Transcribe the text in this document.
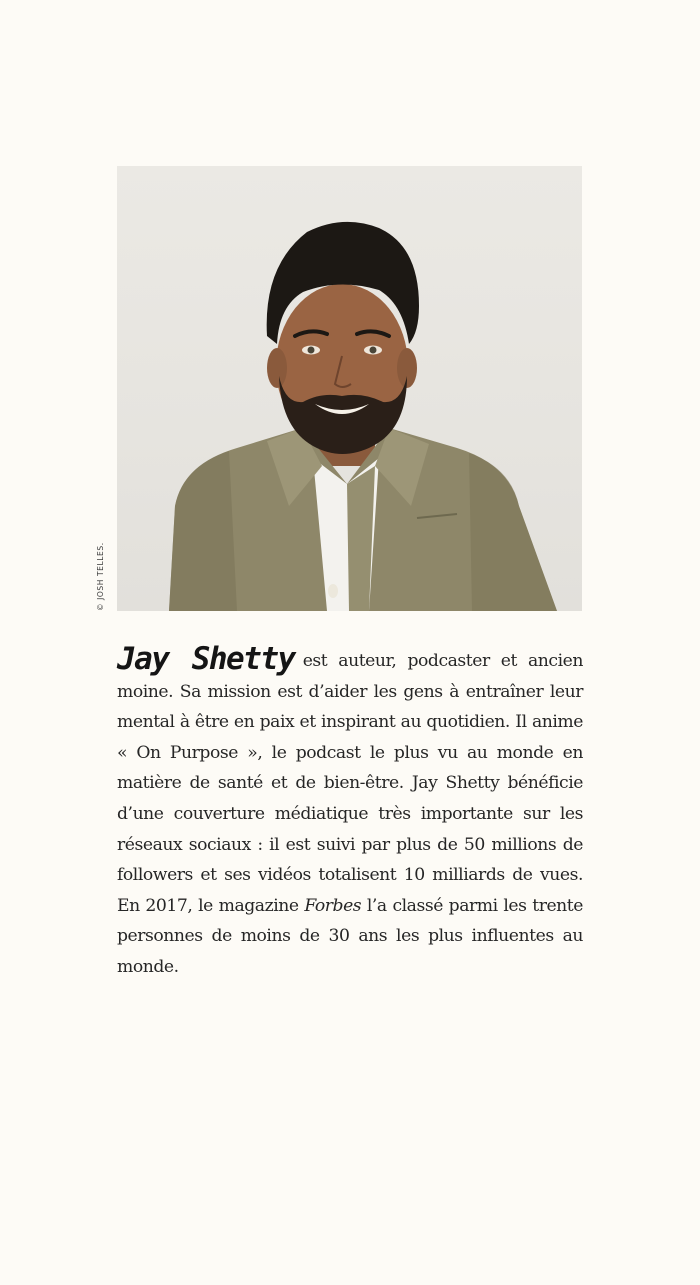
© JOSH TELLES.
Jay Shetty est auteur, podcaster et ancien moine. Sa mission est d’aider les gens à entraîner leur mental à être en paix et inspirant au quotidien. Il anime « On Purpose », le podcast le plus vu au monde en matière de santé et de bien-être. Jay Shetty bénéficie d’une couverture médiatique très importante sur les réseaux sociaux : il est suivi par plus de 50 millions de followers et ses vidéos totalisent 10 milliards de vues. En 2017, le magazine Forbes l’a classé parmi les trente personnes de moins de 30 ans les plus influentes au monde.
